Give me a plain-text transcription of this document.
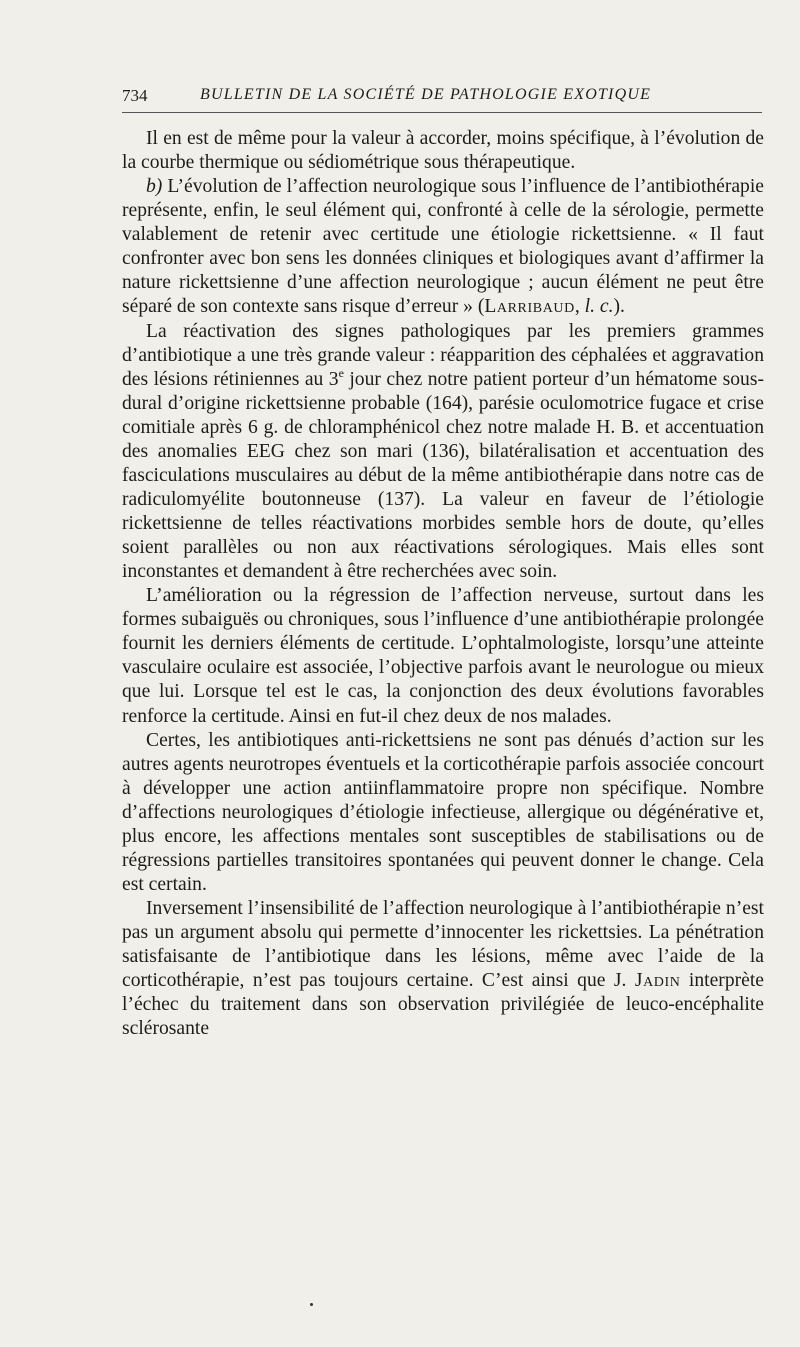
734	BULLETIN DE LA SOCIÉTÉ DE PATHOLOGIE EXOTIQUE

Il en est de même pour la valeur à accorder, moins spécifique, à l’évolution de la courbe thermique ou sédiométrique sous thérapeutique.

b) L’évolution de l’affection neurologique sous l’influence de l’antibiothérapie représente, enfin, le seul élément qui, confronté à celle de la sérologie, permette valablement de retenir avec certitude une étiologie rickettsienne. « Il faut confronter avec bon sens les données cliniques et biologiques avant d’affirmer la nature rickettsienne d’une affection neurologique ; aucun élément ne peut être séparé de son contexte sans risque d’erreur » (Larribaud, l. c.).

La réactivation des signes pathologiques par les premiers grammes d’antibiotique a une très grande valeur : réapparition des céphalées et aggravation des lésions rétiniennes au 3e jour chez notre patient porteur d’un hématome sous-dural d’origine rickettsienne probable (164), parésie oculomotrice fugace et crise comitiale après 6 g. de chloramphénicol chez notre malade H. B. et accentuation des anomalies EEG chez son mari (136), bilatéralisation et accentuation des fasciculations musculaires au début de la même antibiothérapie dans notre cas de radiculomyélite boutonneuse (137). La valeur en faveur de l’étiologie rickettsienne de telles réactivations morbides semble hors de doute, qu’elles soient parallèles ou non aux réactivations sérologiques. Mais elles sont inconstantes et demandent à être recherchées avec soin.

L’amélioration ou la régression de l’affection nerveuse, surtout dans les formes subaiguës ou chroniques, sous l’influence d’une antibiothérapie prolongée fournit les derniers éléments de certitude. L’ophtalmologiste, lorsqu’une atteinte vasculaire oculaire est associée, l’objective parfois avant le neurologue ou mieux que lui. Lorsque tel est le cas, la conjonction des deux évolutions favorables renforce la certitude. Ainsi en fut-il chez deux de nos malades.

Certes, les antibiotiques anti-rickettsiens ne sont pas dénués d’action sur les autres agents neurotropes éventuels et la corticothérapie parfois associée concourt à développer une action antiinflammatoire propre non spécifique. Nombre d’affections neurologiques d’étiologie infectieuse, allergique ou dégénérative et, plus encore, les affections mentales sont susceptibles de stabilisations ou de régressions partielles transitoires spontanées qui peuvent donner le change. Cela est certain.

Inversement l’insensibilité de l’affection neurologique à l’antibiothérapie n’est pas un argument absolu qui permette d’innocenter les rickettsies. La pénétration satisfaisante de l’antibiotique dans les lésions, même avec l’aide de la corticothérapie, n’est pas toujours certaine. C’est ainsi que J. Jadin interprète l’échec du traitement dans son observation privilégiée de leuco-encéphalite sclérosante
